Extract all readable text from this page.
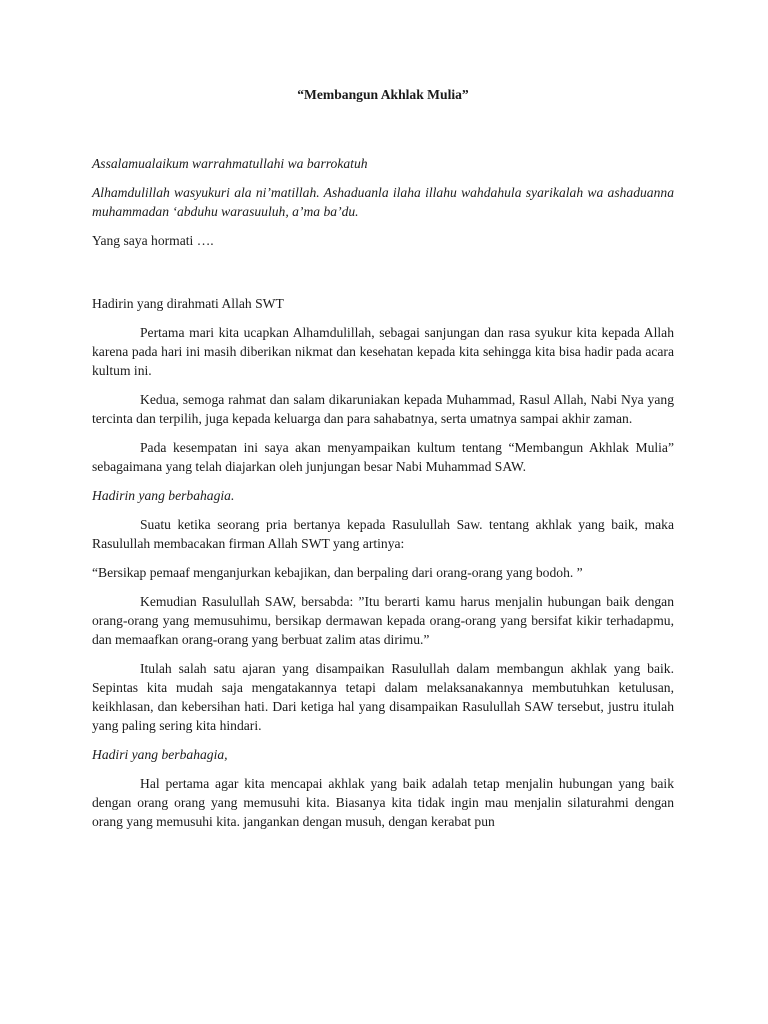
“Membangun Akhlak Mulia”

Assalamualaikum warrahmatullahi wa barrokatuh

Alhamdulillah wasyukuri ala ni’matillah. Ashaduanla ilaha illahu wahdahula syarikalah wa ashaduanna muhammadan ‘abduhu warasuuluh, a’ma ba’du.

Yang saya hormati ….

Hadirin yang dirahmati Allah SWT

Pertama mari kita ucapkan Alhamdulillah, sebagai sanjungan dan rasa syukur kita kepada Allah karena pada hari ini masih diberikan nikmat dan kesehatan kepada kita sehingga kita bisa hadir pada acara kultum ini.

Kedua, semoga rahmat dan salam dikaruniakan kepada Muhammad, Rasul Allah, Nabi Nya yang tercinta dan terpilih, juga kepada keluarga dan para sahabatnya, serta umatnya sampai akhir zaman.

Pada kesempatan ini saya akan menyampaikan kultum tentang “Membangun Akhlak Mulia” sebagaimana yang telah diajarkan oleh junjungan besar Nabi Muhammad SAW.

Hadirin yang berbahagia.

Suatu ketika seorang pria bertanya kepada Rasulullah Saw. tentang akhlak yang baik, maka Rasulullah membacakan firman Allah SWT yang artinya:

“Bersikap pemaaf menganjurkan kebajikan, dan berpaling dari orang-orang yang bodoh. ”

Kemudian Rasulullah SAW, bersabda: ”Itu berarti kamu harus menjalin hubungan baik dengan orang-orang yang memusuhimu, bersikap dermawan kepada orang-orang yang bersifat kikir terhadapmu, dan memaafkan orang-orang yang berbuat zalim atas dirimu.”

Itulah salah satu ajaran yang disampaikan Rasulullah dalam membangun akhlak yang baik. Sepintas kita mudah saja mengatakannya tetapi dalam melaksanakannya membutuhkan ketulusan, keikhlasan, dan kebersihan hati. Dari ketiga hal yang disampaikan Rasulullah SAW tersebut, justru itulah yang paling sering kita hindari.

Hadiri yang berbahagia,

Hal pertama agar kita mencapai akhlak yang baik adalah tetap menjalin hubungan yang baik dengan orang orang yang memusuhi kita. Biasanya kita tidak ingin mau menjalin silaturahmi dengan orang yang memusuhi kita. jangankan dengan musuh, dengan kerabat pun
